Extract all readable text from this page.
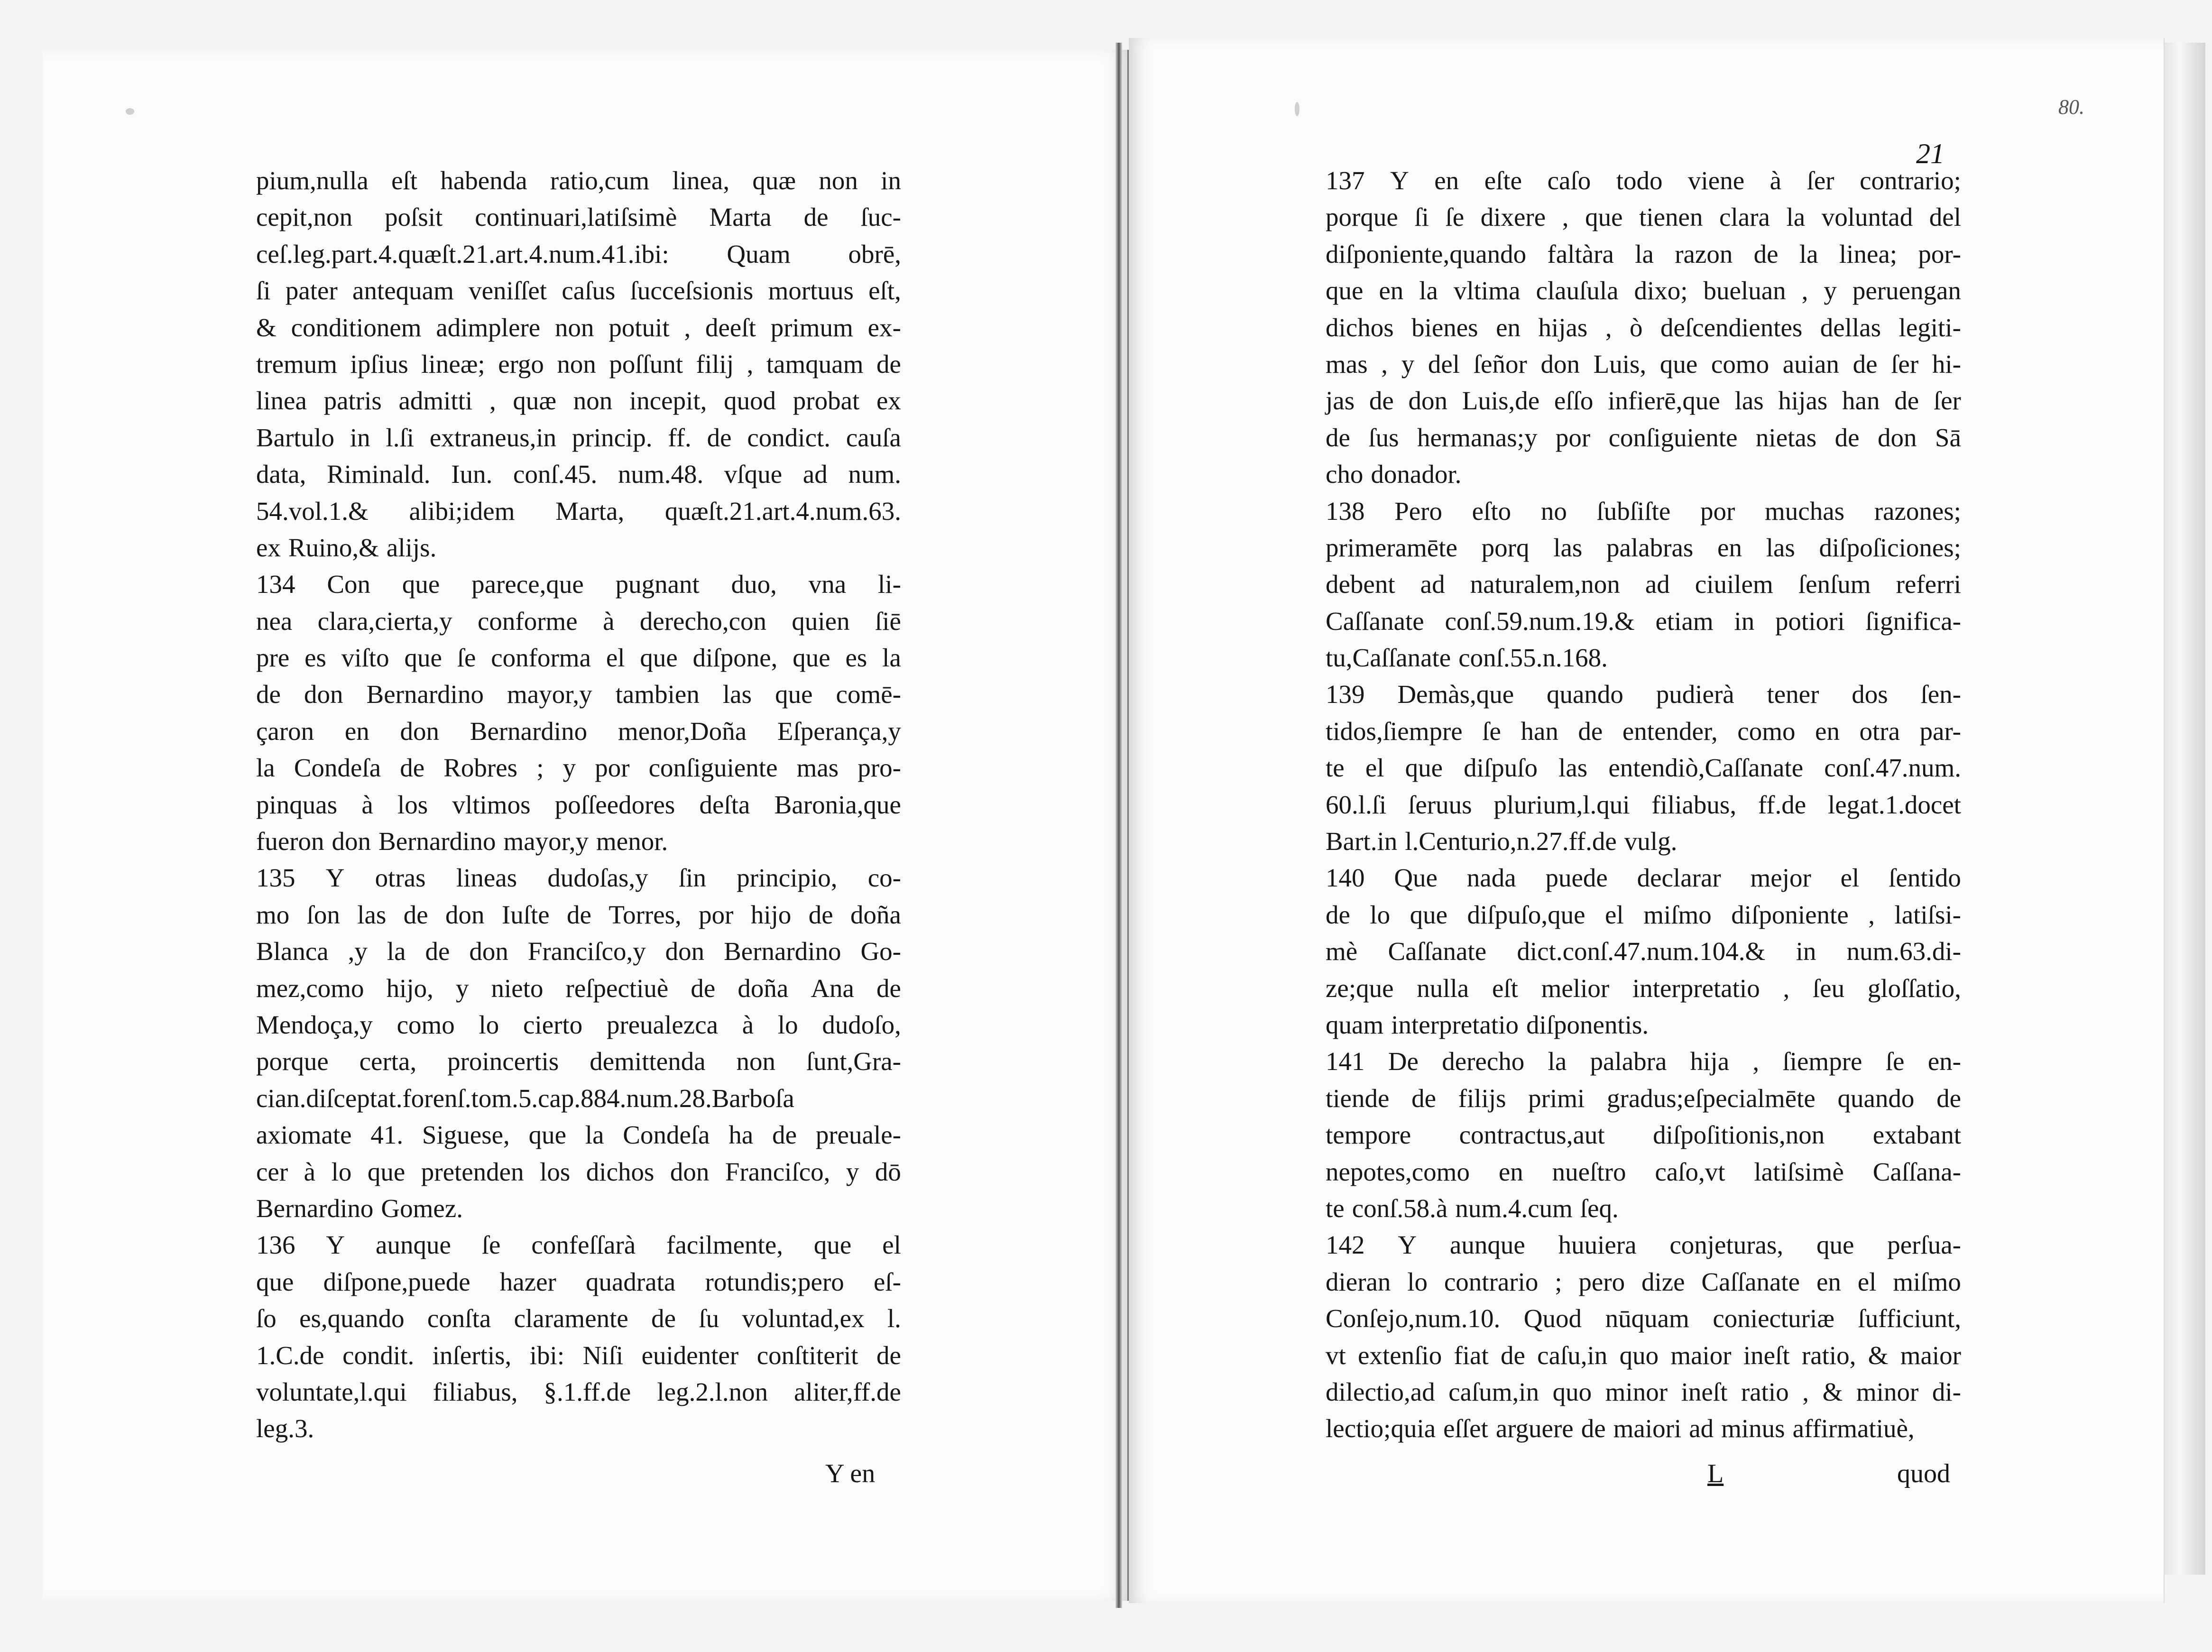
pium,nulla eſt habenda ratio,cum linea, quæ non in
cepit,non poſsit continuari,latiſsimè Marta de ſuc-
ceſ.leg.part.4.quæſt.21.art.4.num.41.ibi: Quam obrē,
ſi pater antequam veniſſet caſus ſucceſsionis mortuus eſt,
& conditionem adimplere non potuit , deeſt primum ex-
tremum ipſius lineæ; ergo non poſſunt filij , tamquam de
linea patris admitti , quæ non incepit, quod probat ex
Bartulo in l.ſi extraneus,in princip. ff. de condict. cauſa
data, Riminald. Iun. conſ.45. num.48. vſque ad num.
54.vol.1.& alibi;idem Marta, quæſt.21.art.4.num.63.
ex Ruino,& alijs.
134 Con que parece,que pugnant duo, vna li-
nea clara,cierta,y conforme à derecho,con quien ſiē
pre es viſto que ſe conforma el que diſpone, que es la
de don Bernardino mayor,y tambien las que comē-
çaron en don Bernardino menor,Doña Eſperança,y
la Condeſa de Robres ; y por conſiguiente mas pro-
pinquas à los vltimos poſſeedores deſta Baronia,que
fueron don Bernardino mayor,y menor.
135 Y otras lineas dudoſas,y ſin principio, co-
mo ſon las de don Iuſte de Torres, por hijo de doña
Blanca ,y la de don Franciſco,y don Bernardino Go-
mez,como hijo, y nieto reſpectiuè de doña Ana de
Mendoça,y como lo cierto preualezca à lo dudoſo,
porque certa, proincertis demittenda non ſunt,Gra-
cian.diſceptat.forenſ.tom.5.cap.884.num.28.Barboſa
axiomate 41. Siguese, que la Condeſa ha de preuale-
cer à lo que pretenden los dichos don Franciſco, y dō
Bernardino Gomez.
136 Y aunque ſe confeſſarà facilmente, que el
que diſpone,puede hazer quadrata rotundis;pero eſ-
ſo es,quando conſta claramente de ſu voluntad,ex l.
1.C.de condit. inſertis, ibi: Niſi euidenter conſtiterit de
voluntate,l.qui filiabus, §.1.ff.de leg.2.l.non aliter,ff.de
leg.3.
137 Y en eſte caſo todo viene à ſer contrario;
porque ſi ſe dixere , que tienen clara la voluntad del
diſponiente,quando faltàra la razon de la linea; por-
que en la vltima clauſula dixo; bueluan , y peruengan
dichos bienes en hijas , ò deſcendientes dellas legiti-
mas , y del ſeñor don Luis, que como auian de ſer hi-
jas de don Luis,de eſſo infierē,que las hijas han de ſer
de ſus hermanas;y por conſiguiente nietas de don Sā
cho donador.
138 Pero eſto no ſubſiſte por muchas razones;
primeramēte porq las palabras en las diſpoſiciones;
debent ad naturalem,non ad ciuilem ſenſum referri
Caſſanate conſ.59.num.19.& etiam in potiori ſignifica-
tu,Caſſanate conſ.55.n.168.
139 Demàs,que quando pudierà tener dos ſen-
tidos,ſiempre ſe han de entender, como en otra par-
te el que diſpuſo las entendiò,Caſſanate conſ.47.num.
60.l.ſi ſeruus plurium,l.qui filiabus, ff.de legat.1.docet
Bart.in l.Centurio,n.27.ff.de vulg.
140 Que nada puede declarar mejor el ſentido
de lo que diſpuſo,que el miſmo diſponiente , latiſsi-
mè Caſſanate dict.conſ.47.num.104.& in num.63.di-
ze;que nulla eſt melior interpretatio , ſeu gloſſatio,
quam interpretatio diſponentis.
141 De derecho la palabra hija , ſiempre ſe en-
tiende de filijs primi gradus;eſpecialmēte quando de
tempore contractus,aut diſpoſitionis,non extabant
nepotes,como en nueſtro caſo,vt latiſsimè Caſſana-
te conſ.58.à num.4.cum ſeq.
142 Y aunque huuiera conjeturas, que perſua-
dieran lo contrario ; pero dize Caſſanate en el miſmo
Conſejo,num.10. Quod nūquam coniecturiæ ſufficiunt,
vt extenſio fiat de caſu,in quo maior ineſt ratio, & maior
dilectio,ad caſum,in quo minor ineſt ratio , & minor di-
lectio;quia eſſet arguere de maiori ad minus affirmatiuè,
Y en
21
80.
L	quod
